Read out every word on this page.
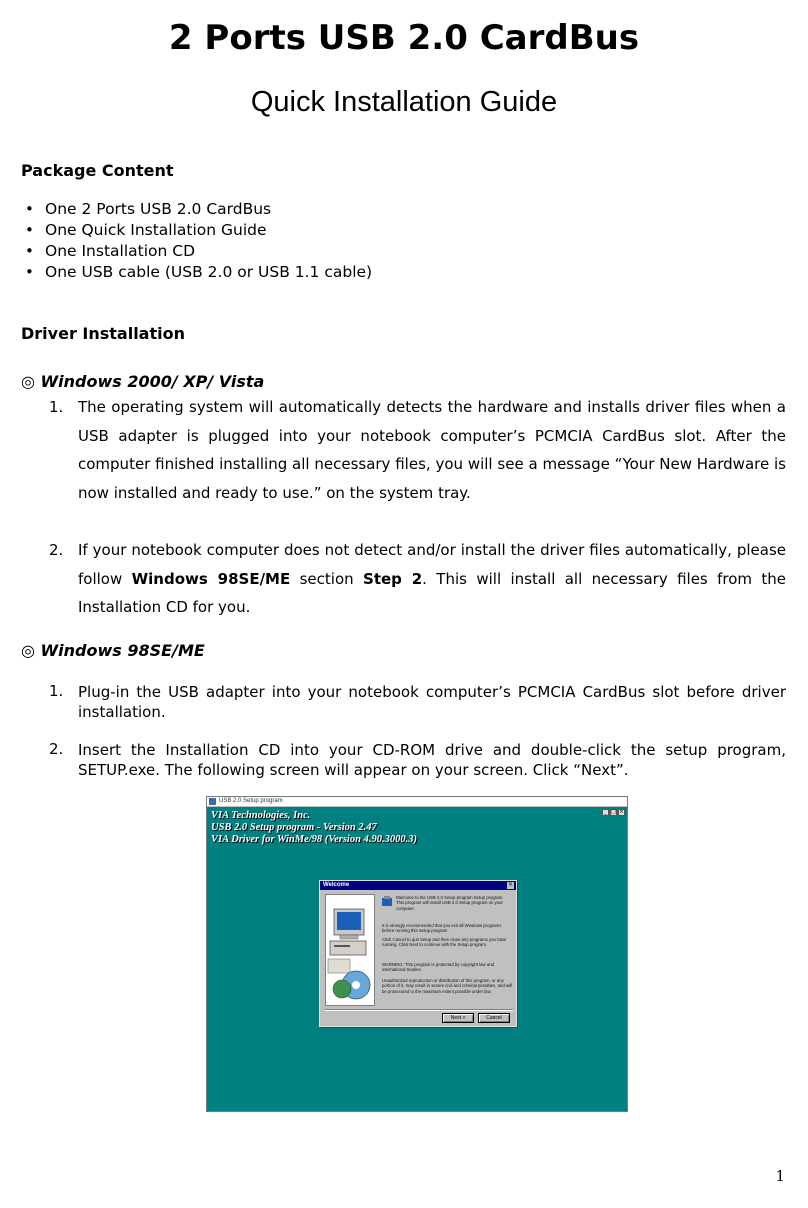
2 Ports USB 2.0 CardBus
Quick Installation Guide
Package Content
• One 2 Ports USB 2.0 CardBus
• One Quick Installation Guide
• One Installation CD
• One USB cable (USB 2.0 or USB 1.1 cable)
Driver Installation
◎ Windows 2000/ XP/ Vista
1. The operating system will automatically detects the hardware and installs driver files when a USB adapter is plugged into your notebook computer’s PCMCIA CardBus slot. After the computer finished installing all necessary files, you will see a message “Your New Hardware is now installed and ready to use.” on the system tray.
2. If your notebook computer does not detect and/or install the driver files automatically, please follow Windows 98SE/ME section Step 2. This will install all necessary files from the Installation CD for you.
◎ Windows 98SE/ME
1. Plug-in the USB adapter into your notebook computer’s PCMCIA CardBus slot before driver installation.
2. Insert the Installation CD into your CD-ROM drive and double-click the setup program, SETUP.exe. The following screen will appear on your screen. Click “Next”.
USB 2.0 Setup program
_ □ ×
VIA Technologies, Inc.
USB 2.0 Setup program - Version 2.47
VIA Driver for WinMe/98 (Version 4.90.3000.3)
Welcome	×
Welcome to the USB 2.0 Setup program Setup program. This program will install USB 2.0 Setup program on your computer.
It is strongly recommended that you exit all Windows programs before running this Setup program.
Click Cancel to quit Setup and then close any programs you have running. Click Next to continue with the Setup program.
WARNING: This program is protected by copyright law and international treaties.
Unauthorized reproduction or distribution of this program, or any portion of it, may result in severe civil and criminal penalties, and will be prosecuted to the maximum extent possible under law.
Next >	Cancel
1
